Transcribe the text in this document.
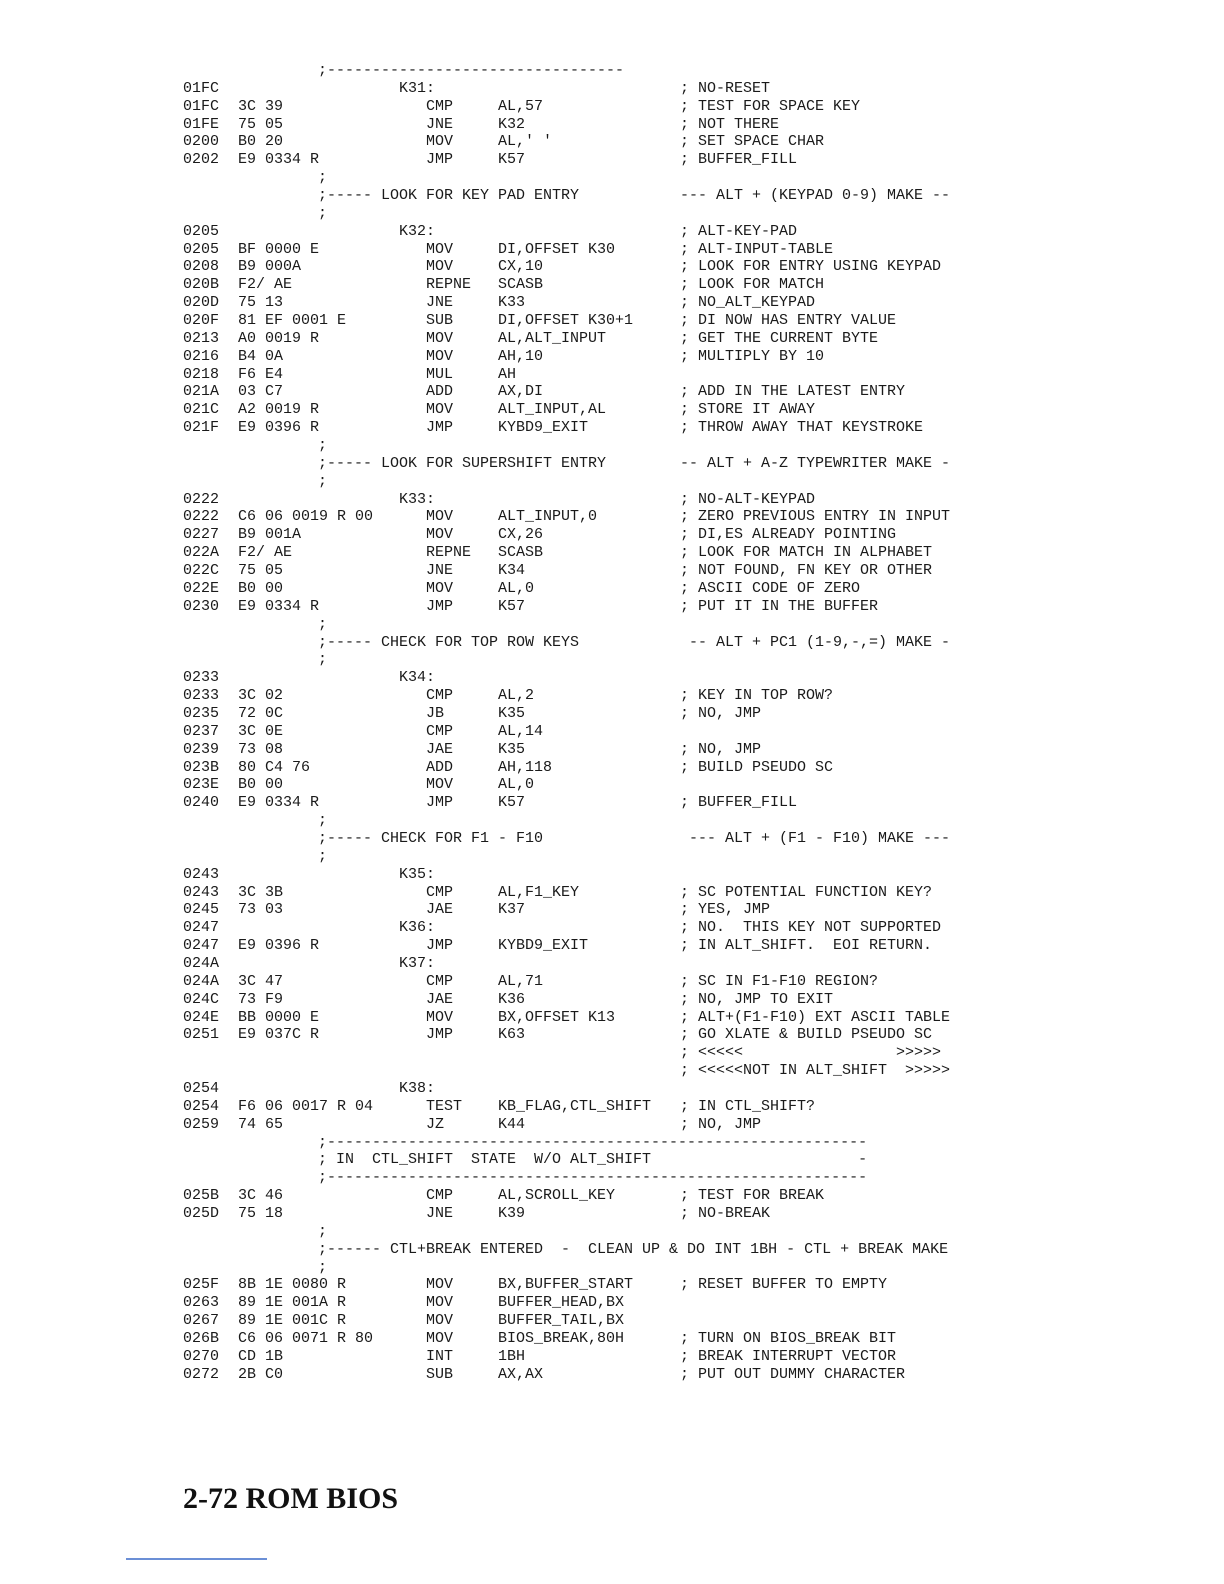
;---------------------------------
01FC	K31:	; NO-RESET
01FC 3C 39	CMP	AL,57	; TEST FOR SPACE KEY
01FE 75 05	JNE	K32	; NOT THERE
0200 B0 20	MOV	AL,' '	; SET SPACE CHAR
0202 E9 0334 R	JMP	K57	; BUFFER_FILL
;
;----- LOOK FOR KEY PAD ENTRY	--- ALT + (KEYPAD 0-9) MAKE --
;
0205	K32:	; ALT-KEY-PAD
0205 BF 0000 E	MOV	DI,OFFSET K30	; ALT-INPUT-TABLE
0208 B9 000A	MOV	CX,10	; LOOK FOR ENTRY USING KEYPAD
020B F2/ AE	REPNE SCASB	; LOOK FOR MATCH
020D 75 13	JNE	K33	; NO_ALT_KEYPAD
020F 81 EF 0001 E	SUB	DI,OFFSET K30+1	; DI NOW HAS ENTRY VALUE
0213 A0 0019 R	MOV	AL,ALT_INPUT	; GET THE CURRENT BYTE
0216 B4 0A	MOV	AH,10	; MULTIPLY BY 10
0218 F6 E4	MUL	AH
021A 03 C7	ADD	AX,DI	; ADD IN THE LATEST ENTRY
021C A2 0019 R	MOV	ALT_INPUT,AL	; STORE IT AWAY
021F E9 0396 R	JMP	KYBD9_EXIT	; THROW AWAY THAT KEYSTROKE
;
;----- LOOK FOR SUPERSHIFT ENTRY	-- ALT + A-Z TYPEWRITER MAKE -
;
0222	K33:	; NO-ALT-KEYPAD
0222 C6 06 0019 R 00	MOV	ALT_INPUT,0	; ZERO PREVIOUS ENTRY IN INPUT
0227 B9 001A	MOV	CX,26	; DI,ES ALREADY POINTING
022A F2/ AE	REPNE SCASB	; LOOK FOR MATCH IN ALPHABET
022C 75 05	JNE	K34	; NOT FOUND, FN KEY OR OTHER
022E B0 00	MOV	AL,0	; ASCII CODE OF ZERO
0230 E9 0334 R	JMP	K57	; PUT IT IN THE BUFFER
;
;----- CHECK FOR TOP ROW KEYS	-- ALT + PC1 (1-9,-,=) MAKE -
;
0233	K34:
0233 3C 02	CMP	AL,2	; KEY IN TOP ROW?
0235 72 0C	JB	K35	; NO, JMP
0237 3C 0E	CMP	AL,14
0239 73 08	JAE	K35	; NO, JMP
023B 80 C4 76	ADD	AH,118	; BUILD PSEUDO SC
023E B0 00	MOV	AL,0
0240 E9 0334 R	JMP	K57	; BUFFER_FILL
;
;----- CHECK FOR F1 - F10	--- ALT + (F1 - F10) MAKE ---
;
0243	K35:
0243 3C 3B	CMP	AL,F1_KEY	; SC POTENTIAL FUNCTION KEY?
0245 73 03	JAE	K37	; YES, JMP
0247	K36:	; NO.  THIS KEY NOT SUPPORTED
0247 E9 0396 R	JMP	KYBD9_EXIT	; IN ALT_SHIFT.  EOI RETURN.
024A	K37:
024A 3C 47	CMP	AL,71	; SC IN F1-F10 REGION?
024C 73 F9	JAE	K36	; NO, JMP TO EXIT
024E BB 0000 E	MOV	BX,OFFSET K13	; ALT+(F1-F10) EXT ASCII TABLE
0251 E9 037C R	JMP	K63	; GO XLATE & BUILD PSEUDO SC
; <<<<<                 >>>>>
; <<<<<NOT IN ALT_SHIFT  >>>>>
0254	K38:
0254 F6 06 0017 R 04	TEST KB_FLAG,CTL_SHIFT ; IN CTL_SHIFT?
0259 74 65	JZ	K44	; NO, JMP
;------------------------------------------------------------
; IN  CTL_SHIFT  STATE  W/O ALT_SHIFT                       -
;------------------------------------------------------------
025B 3C 46	CMP	AL,SCROLL_KEY	; TEST FOR BREAK
025D 75 18	JNE	K39	; NO-BREAK
;
;------ CTL+BREAK ENTERED  -  CLEAN UP & DO INT 1BH - CTL + BREAK MAKE
;
025F 8B 1E 0080 R	MOV	BX,BUFFER_START	; RESET BUFFER TO EMPTY
0263 89 1E 001A R	MOV	BUFFER_HEAD,BX
0267 89 1E 001C R	MOV	BUFFER_TAIL,BX
026B C6 06 0071 R 80	MOV	BIOS_BREAK,80H	; TURN ON BIOS_BREAK BIT
0270 CD 1B	INT	1BH	; BREAK INTERRUPT VECTOR
0272 2B C0	SUB	AX,AX	; PUT OUT DUMMY CHARACTER
2-72 ROM BIOS
